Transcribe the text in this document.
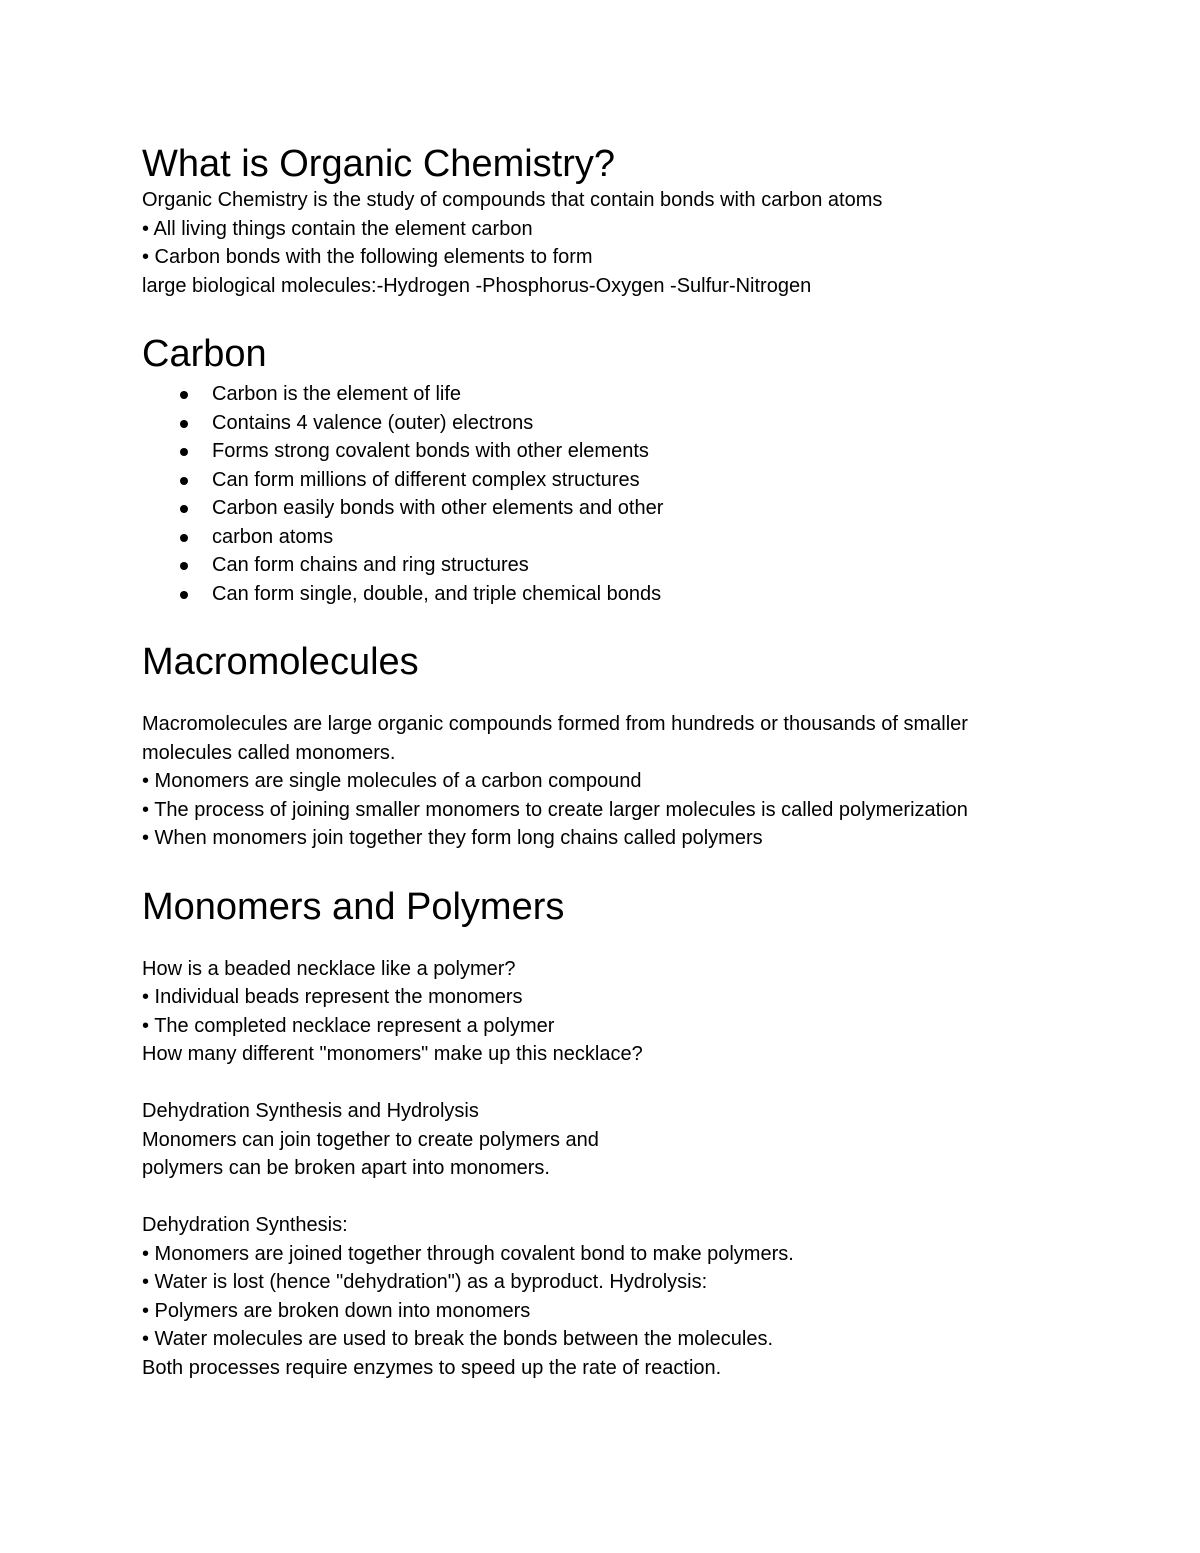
What is Organic Chemistry?

Organic Chemistry is the study of compounds that contain bonds with carbon atoms

• All living things contain the element carbon

• Carbon bonds with the following elements to form

large biological molecules:-Hydrogen -Phosphorus-Oxygen -Sulfur-Nitrogen

Carbon
Carbon is the element of life
Contains 4 valence (outer) electrons
Forms strong covalent bonds with other elements
Can form millions of different complex structures
Carbon easily bonds with other elements and other
carbon atoms
Can form chains and ring structures
Can form single, double, and triple chemical bonds
Macromolecules

Macromolecules are large organic compounds formed from hundreds or thousands of smaller

molecules called monomers.

• Monomers are single molecules of a carbon compound

• The process of joining smaller monomers to create larger molecules is called polymerization

• When monomers join together they form long chains called polymers

Monomers and Polymers

How is a beaded necklace like a polymer?

• Individual beads represent the monomers

• The completed necklace represent a polymer

How many different "monomers" make up this necklace?

Dehydration Synthesis and Hydrolysis

Monomers can join together to create polymers and

polymers can be broken apart into monomers.

Dehydration Synthesis:

• Monomers are joined together through covalent bond to make polymers.

• Water is lost (hence "dehydration") as a byproduct. Hydrolysis:

• Polymers are broken down into monomers

• Water molecules are used to break the bonds between the molecules.

Both processes require enzymes to speed up the rate of reaction.
